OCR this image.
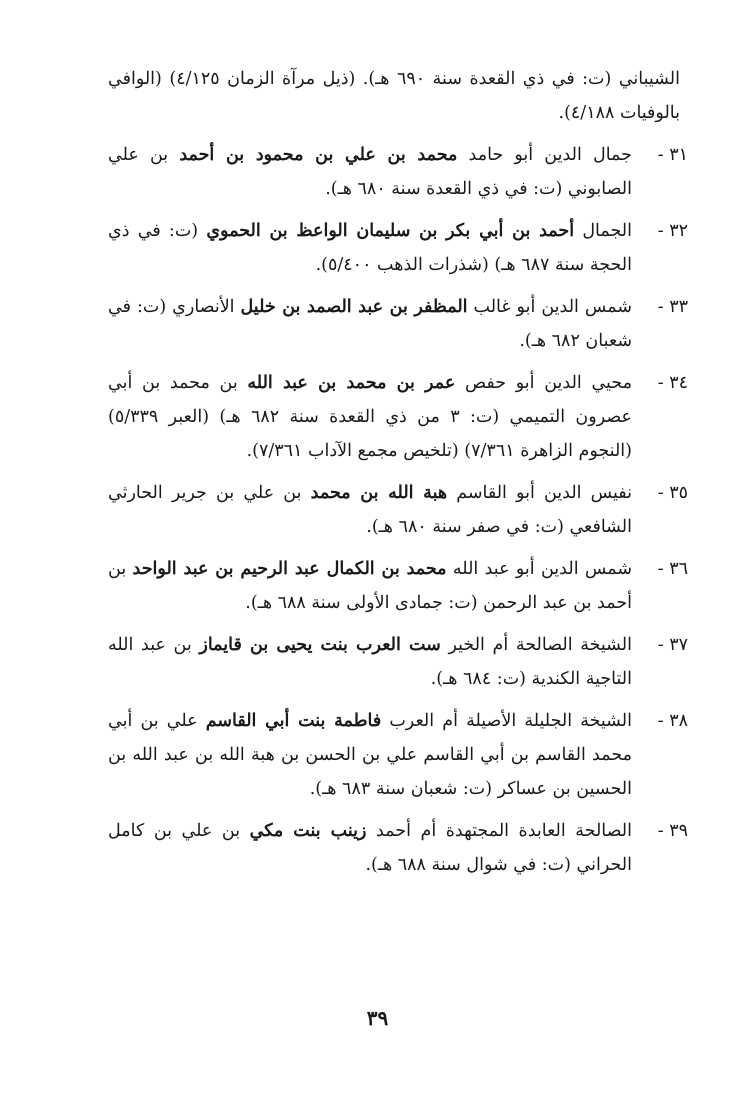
الشيباني (ت: في ذي القعدة سنة ٦٩٠ هـ). (ذيل مرآة الزمان ٤/١٢٥) (الوافي بالوفيات ٤/١٨٨).

٣١ -
جمال الدين أبو حامد محمد بن علي بن محمود بن أحمد بن علي الصابوني (ت: في ذي القعدة سنة ٦٨٠ هـ).
٣٢ -
الجمال أحمد بن أبي بكر بن سليمان الواعظ بن الحموي (ت: في ذي الحجة سنة ٦٨٧ هـ) (شذرات الذهب ٥/٤٠٠).
٣٣ -
شمس الدين أبو غالب المظفر بن عبد الصمد بن خليل الأنصاري (ت: في شعبان ٦٨٢ هـ).
٣٤ -
محيي الدين أبو حفص عمر بن محمد بن عبد الله بن محمد بن أبي عصرون التميمي (ت: ٣ من ذي القعدة سنة ٦٨٢ هـ) (العبر ٥/٣٣٩) (النجوم الزاهرة ٧/٣٦١) (تلخيص مجمع الآداب ٧/٣٦١).
٣٥ -
نفيس الدين أبو القاسم هبة الله بن محمد بن علي بن جرير الحارثي الشافعي (ت: في صفر سنة ٦٨٠ هـ).
٣٦ -
شمس الدين أبو عبد الله محمد بن الكمال عبد الرحيم بن عبد الواحد بن أحمد بن عبد الرحمن (ت: جمادى الأولى سنة ٦٨٨ هـ).
٣٧ -
الشيخة الصالحة أم الخير ست العرب بنت يحيى بن قايماز بن عبد الله التاجية الكندية (ت: ٦٨٤ هـ).
٣٨ -
الشيخة الجليلة الأصيلة أم العرب فاطمة بنت أبي القاسم علي بن أبي محمد القاسم بن أبي القاسم علي بن الحسن بن هبة الله بن عبد الله بن الحسين بن عساكر (ت: شعبان سنة ٦٨٣ هـ).
٣٩ -
الصالحة العابدة المجتهدة أم أحمد زينب بنت مكي بن علي بن كامل الحراني (ت: في شوال سنة ٦٨٨ هـ).
٣٩
